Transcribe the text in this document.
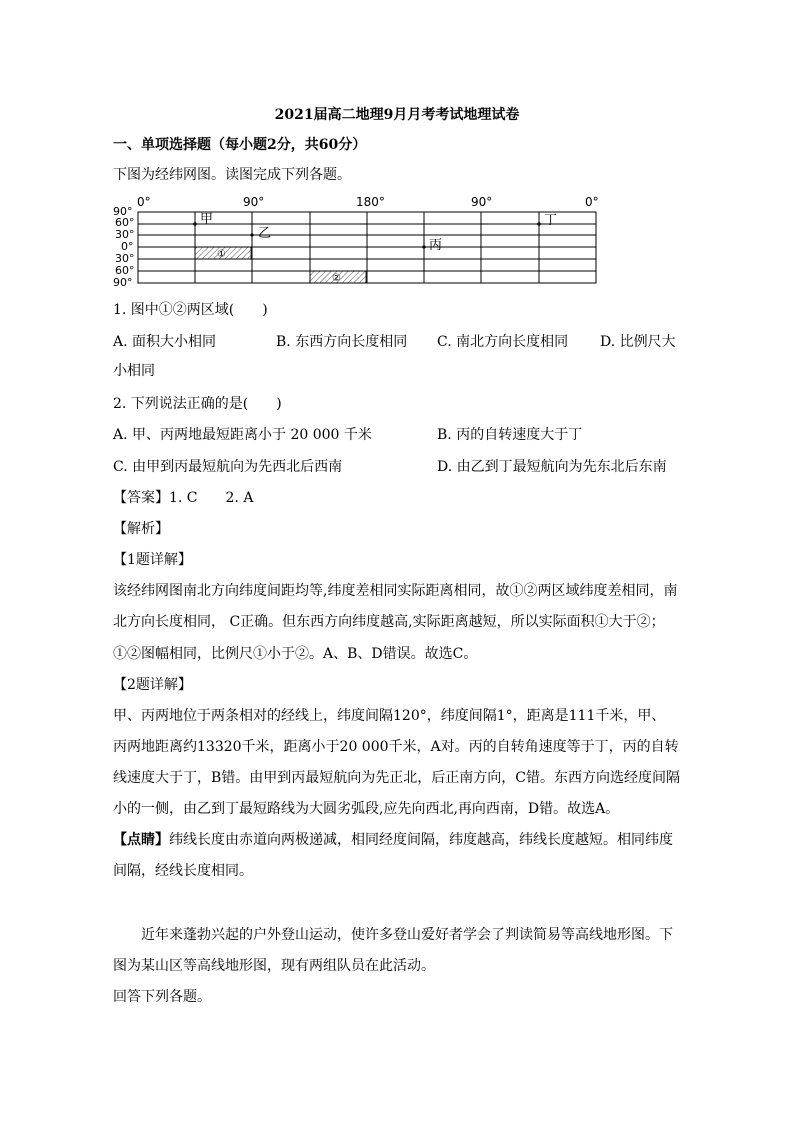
2021届高二地理9月月考考试地理试卷
一、单项选择题（每小题2分，共60分）
下图为经纬网图。读图完成下列各题。
0°	90°	180°	90°	0°
90°
60°
30°
0°
30°
60°
90°
甲
乙
丙
丁
①
②
1. 图中①②两区域(　　)
A. 面积大小相同	B. 东西方向长度相同 C. 南北方向长度相同 D. 比例尺大
小相同
2. 下列说法正确的是(　　)
A. 甲、丙两地最短距离小于 20 000 千米	B. 丙的自转速度大于丁
C. 由甲到丙最短航向为先西北后西南	D. 由乙到丁最短航向为先东北后东南
【答案】1. C　　2. A
【解析】
【1题详解】
该经纬网图南北方向纬度间距均等,纬度差相同实际距离相同，故①②两区域纬度差相同，南
北方向长度相同， C正确。但东西方向纬度越高,实际距离越短，所以实际面积①大于②；
①②图幅相同，比例尺①小于②。A、B、D错误。故选C。
【2题详解】
甲、丙两地位于两条相对的经线上，纬度间隔120°，纬度间隔1°，距离是111千米，甲、
丙两地距离约13320千米，距离小于20 000千米，A对。丙的自转角速度等于丁，丙的自转
线速度大于丁，B错。由甲到丙最短航向为先正北，后正南方向，C错。东西方向选经度间隔
小的一侧，由乙到丁最短路线为大圆劣弧段,应先向西北,再向西南，D错。故选A。
【点睛】纬线长度由赤道向两极递减，相同经度间隔，纬度越高，纬线长度越短。相同纬度
间隔，经线长度相同。
近年来蓬勃兴起的户外登山运动，使许多登山爱好者学会了判读简易等高线地形图。下
图为某山区等高线地形图，现有两组队员在此活动。
回答下列各题。
